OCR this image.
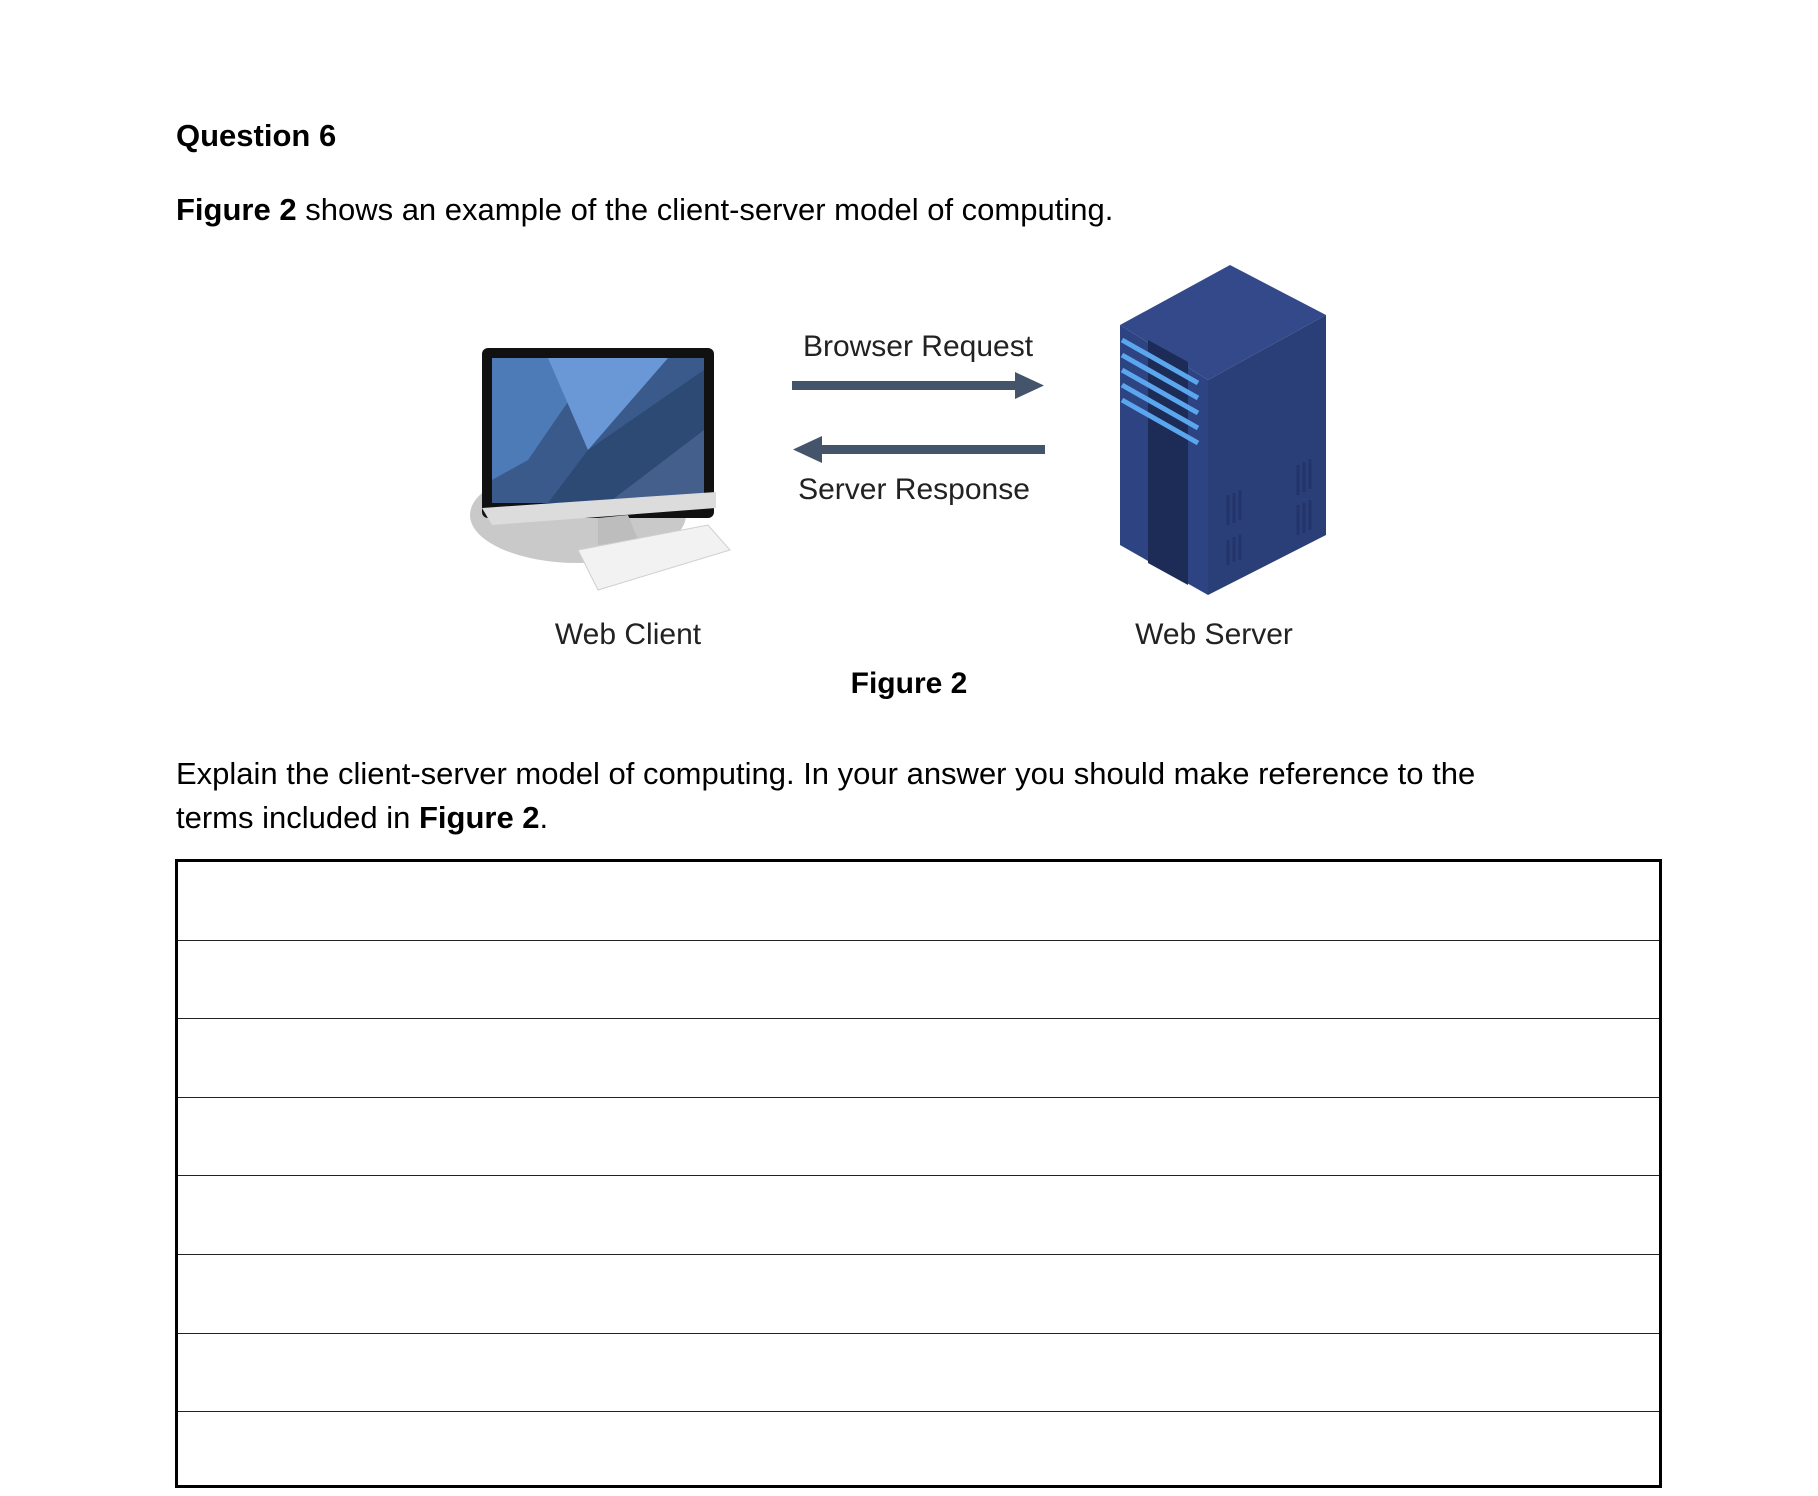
Question 6
Figure 2 shows an example of the client-server model of computing.
Browser Request
Server Response
Web Client	Web Server
Figure 2
Explain the client-server model of computing. In your answer you should make reference to the
terms included in Figure 2.
